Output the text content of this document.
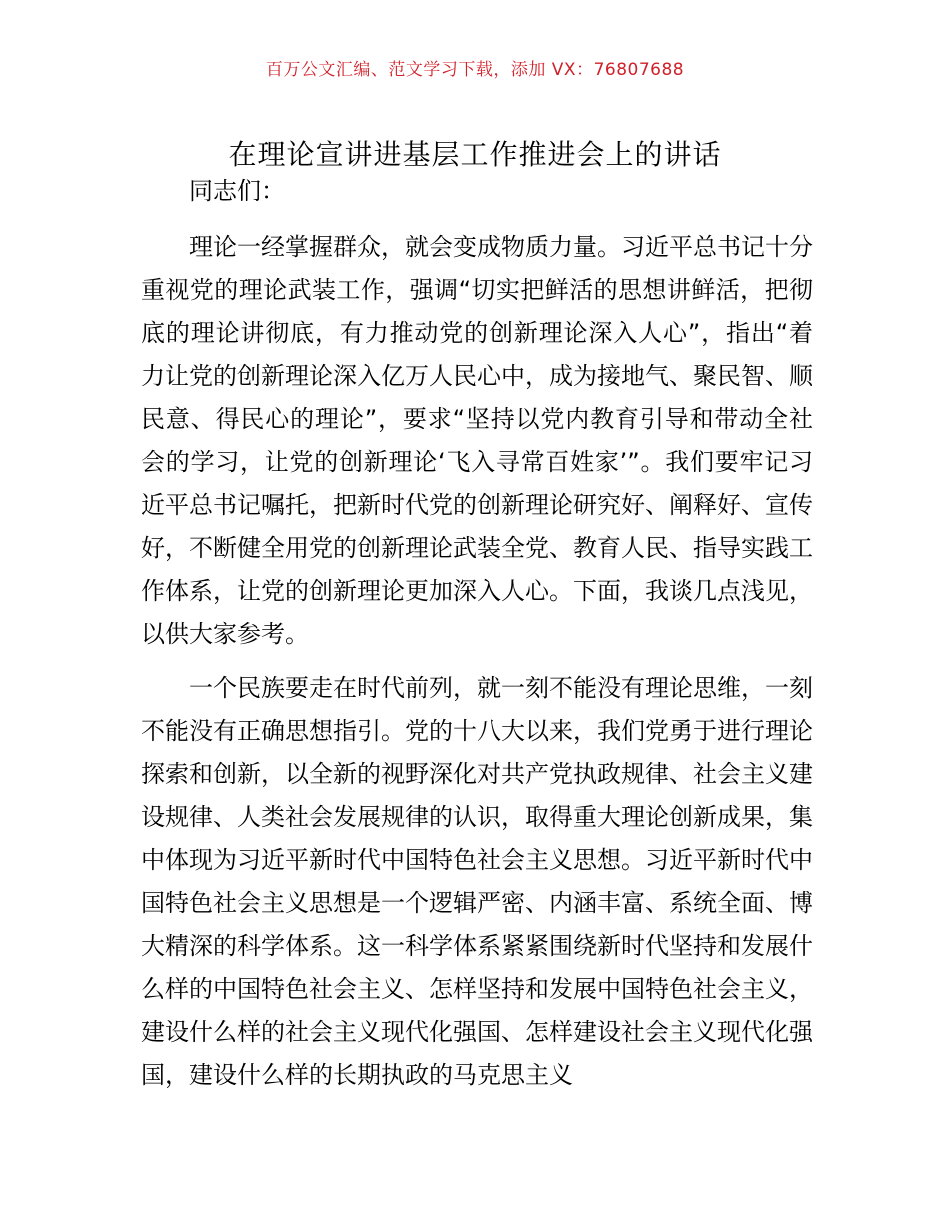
百万公文汇编、范文学习下载，添加 VX：76807688
在理论宣讲进基层工作推进会上的讲话

同志们：

理论一经掌握群众，就会变成物质力量。习近平总书记十分重视党的理论武装工作，强调“切实把鲜活的思想讲鲜活，把彻底的理论讲彻底，有力推动党的创新理论深入人心”，指出“着力让党的创新理论深入亿万人民心中，成为接地气、聚民智、顺民意、得民心的理论”，要求“坚持以党内教育引导和带动全社会的学习，让党的创新理论‘飞入寻常百姓家’”。我们要牢记习近平总书记嘱托，把新时代党的创新理论研究好、阐释好、宣传好，不断健全用党的创新理论武装全党、教育人民、指导实践工作体系，让党的创新理论更加深入人心。下面，我谈几点浅见，以供大家参考。

一个民族要走在时代前列，就一刻不能没有理论思维，一刻不能没有正确思想指引。党的十八大以来，我们党勇于进行理论探索和创新，以全新的视野深化对共产党执政规律、社会主义建设规律、人类社会发展规律的认识，取得重大理论创新成果，集中体现为习近平新时代中国特色社会主义思想。习近平新时代中国特色社会主义思想是一个逻辑严密、内涵丰富、系统全面、博大精深的科学体系。这一科学体系紧紧围绕新时代坚持和发展什么样的中国特色社会主义、怎样坚持和发展中国特色社会主义，建设什么样的社会主义现代化强国、怎样建设社会主义现代化强国，建设什么样的长期执政的马克思主义
